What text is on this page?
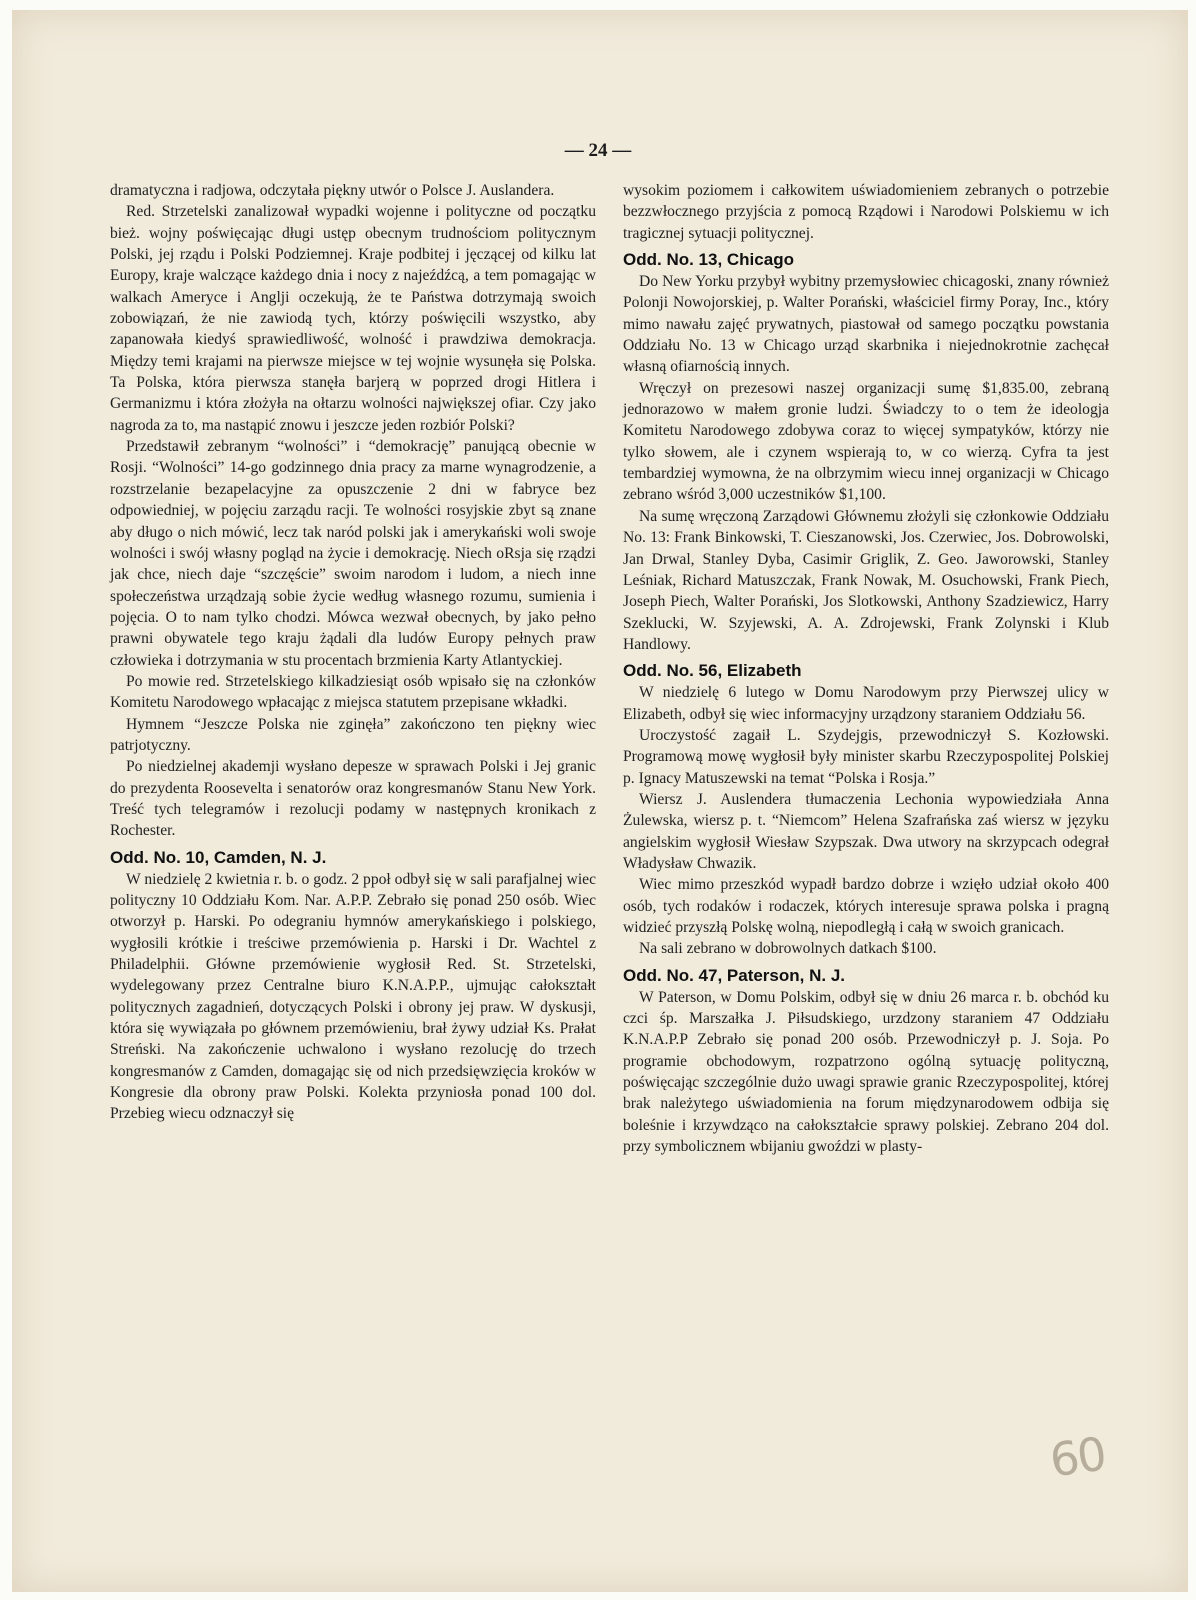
— 24 —

dramatyczna i radjowa, odczytała piękny utwór o Polsce J. Auslandera.

Red. Strzetelski zanalizował wypadki wojenne i polityczne od początku bież. wojny poświęcając długi ustęp obecnym trudnościom politycznym Polski, jej rządu i Polski Podziemnej. Kraje podbitej i jęczącej od kilku lat Europy, kraje walczące każdego dnia i nocy z najeźdźcą, a tem pomagając w walkach Ameryce i Anglji oczekują, że te Państwa dotrzymają swoich zobowiązań, że nie zawiodą tych, którzy poświęcili wszystko, aby zapanowała kiedyś sprawiedliwość, wolność i prawdziwa demokracja. Między temi krajami na pierwsze miejsce w tej wojnie wysunęła się Polska. Ta Polska, która pierwsza stanęła barjerą w poprzed drogi Hitlera i Germanizmu i która złożyła na ołtarzu wolności największej ofiar. Czy jako nagroda za to, ma nastąpić znowu i jeszcze jeden rozbiór Polski?

Przedstawił zebranym “wolności” i “demokrację” panującą obecnie w Rosji. “Wolności” 14-go godzinnego dnia pracy za marne wynagrodzenie, a rozstrzelanie bezapelacyjne za opuszczenie 2 dni w fabryce bez odpowiedniej, w pojęciu zarządu racji. Te wolności rosyjskie zbyt są znane aby długo o nich mówić, lecz tak naród polski jak i amerykański woli swoje wolności i swój własny pogląd na życie i demokrację. Niech oRsja się rządzi jak chce, niech daje “szczęście” swoim narodom i ludom, a niech inne społeczeństwa urządzają sobie życie według własnego rozumu, sumienia i pojęcia. O to nam tylko chodzi. Mówca wezwał obecnych, by jako pełno prawni obywatele tego kraju żądali dla ludów Europy pełnych praw człowieka i dotrzymania w stu procentach brzmienia Karty Atlantyckiej.

Po mowie red. Strzetelskiego kilkadziesiąt osób wpisało się na członków Komitetu Narodowego wpłacając z miejsca statutem przepisane wkładki.

Hymnem “Jeszcze Polska nie zginęła” zakończono ten piękny wiec patrjotyczny.

Po niedzielnej akademji wysłano depesze w sprawach Polski i Jej granic do prezydenta Roosevelta i senatorów oraz kongresmanów Stanu New York. Treść tych telegramów i rezolucji podamy w następnych kronikach z Rochester.

Odd. No. 10, Camden, N. J.

W niedzielę 2 kwietnia r. b. o godz. 2 ppoł odbył się w sali parafjalnej wiec polityczny 10 Oddziału Kom. Nar. A.P.P. Zebrało się ponad 250 osób. Wiec otworzył p. Harski. Po odegraniu hymnów amerykańskiego i polskiego, wygłosili krótkie i treściwe przemówienia p. Harski i Dr. Wachtel z Philadelphii. Główne przemówienie wygłosił Red. St. Strzetelski, wydelegowany przez Centralne biuro K.N.A.P.P., ujmując całokształt politycznych zagadnień, dotyczących Polski i obrony jej praw. W dyskusji, która się wywiązała po głównem przemówieniu, brał żywy udział Ks. Prałat Streński. Na zakończenie uchwalono i wysłano rezolucję do trzech kongresmanów z Camden, domagając się od nich przedsięwzięcia kroków w Kongresie dla obrony praw Polski. Kolekta przyniosła ponad 100 dol. Przebieg wiecu odznaczył się

wysokim poziomem i całkowitem uświadomieniem zebranych o potrzebie bezzwłocznego przyjścia z pomocą Rządowi i Narodowi Polskiemu w ich tragicznej sytuacji politycznej.

Odd. No. 13, Chicago

Do New Yorku przybył wybitny przemysłowiec chicagoski, znany również Polonji Nowojorskiej, p. Walter Porański, właściciel firmy Poray, Inc., który mimo nawału zajęć prywatnych, piastował od samego początku powstania Oddziału No. 13 w Chicago urząd skarbnika i niejednokrotnie zachęcał własną ofiarnością innych.

Wręczył on prezesowi naszej organizacji sumę $1,835.00, zebraną jednorazowo w małem gronie ludzi. Świadczy to o tem że ideologja Komitetu Narodowego zdobywa coraz to więcej sympatyków, którzy nie tylko słowem, ale i czynem wspierają to, w co wierzą. Cyfra ta jest tembardziej wymowna, że na olbrzymim wiecu innej organizacji w Chicago zebrano wśród 3,000 uczestników $1,100.

Na sumę wręczoną Zarządowi Głównemu złożyli się członkowie Oddziału No. 13: Frank Binkowski, T. Cieszanowski, Jos. Czerwiec, Jos. Dobrowolski, Jan Drwal, Stanley Dyba, Casimir Griglik, Z. Geo. Jaworowski, Stanley Leśniak, Richard Matuszczak, Frank Nowak, M. Osuchowski, Frank Piech, Joseph Piech, Walter Porański, Jos Slotkowski, Anthony Szadziewicz, Harry Szeklucki, W. Szyjewski, A. A. Zdrojewski, Frank Zolynski i Klub Handlowy.

Odd. No. 56, Elizabeth

W niedzielę 6 lutego w Domu Narodowym przy Pierwszej ulicy w Elizabeth, odbył się wiec informacyjny urządzony staraniem Oddziału 56.

Uroczystość zagaił L. Szydejgis, przewodniczył S. Kozłowski. Programową mowę wygłosił były minister skarbu Rzeczypospolitej Polskiej p. Ignacy Matuszewski na temat “Polska i Rosja.”

Wiersz J. Auslendera tłumaczenia Lechonia wypowiedziała Anna Żulewska, wiersz p. t. “Niemcom” Helena Szafrańska zaś wiersz w języku angielskim wygłosił Wiesław Szypszak. Dwa utwory na skrzypcach odegrał Władysław Chwazik.

Wiec mimo przeszkód wypadł bardzo dobrze i wzięło udział około 400 osób, tych rodaków i rodaczek, których interesuje sprawa polska i pragną widzieć przyszłą Polskę wolną, niepodległą i całą w swoich granicach.

Na sali zebrano w dobrowolnych datkach $100.

Odd. No. 47, Paterson, N. J.

W Paterson, w Domu Polskim, odbył się w dniu 26 marca r. b. obchód ku czci śp. Marszałka J. Piłsudskiego, urzdzony staraniem 47 Oddziału K.N.A.P.P Zebrało się ponad 200 osób. Przewodniczył p. J. Soja. Po programie obchodowym, rozpatrzono ogólną sytuację polityczną, poświęcając szczególnie dużo uwagi sprawie granic Rzeczypospolitej, której brak należytego uświadomienia na forum międzynarodowem odbija się boleśnie i krzywdząco na całokształcie sprawy polskiej. Zebrano 204 dol. przy symbolicznem wbijaniu gwoździ w plasty-

60
